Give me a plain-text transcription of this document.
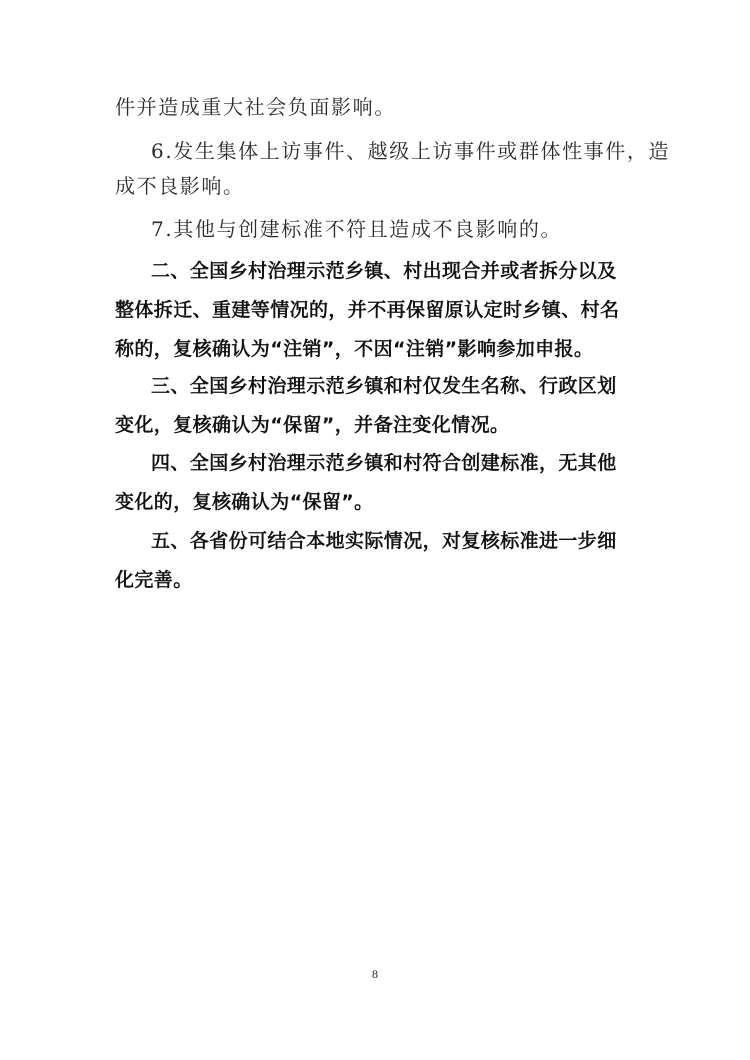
件并造成重大社会负面影响。
6.发生集体上访事件、越级上访事件或群体性事件，造
成不良影响。
7.其他与创建标准不符且造成不良影响的。
二、全国乡村治理示范乡镇、村出现合并或者拆分以及
整体拆迁、重建等情况的，并不再保留原认定时乡镇、村名
称的，复核确认为“注销”，不因“注销”影响参加申报。
三、全国乡村治理示范乡镇和村仅发生名称、行政区划
变化，复核确认为“保留”，并备注变化情况。
四、全国乡村治理示范乡镇和村符合创建标准，无其他
变化的，复核确认为“保留”。
五、各省份可结合本地实际情况，对复核标准进一步细
化完善。
8
